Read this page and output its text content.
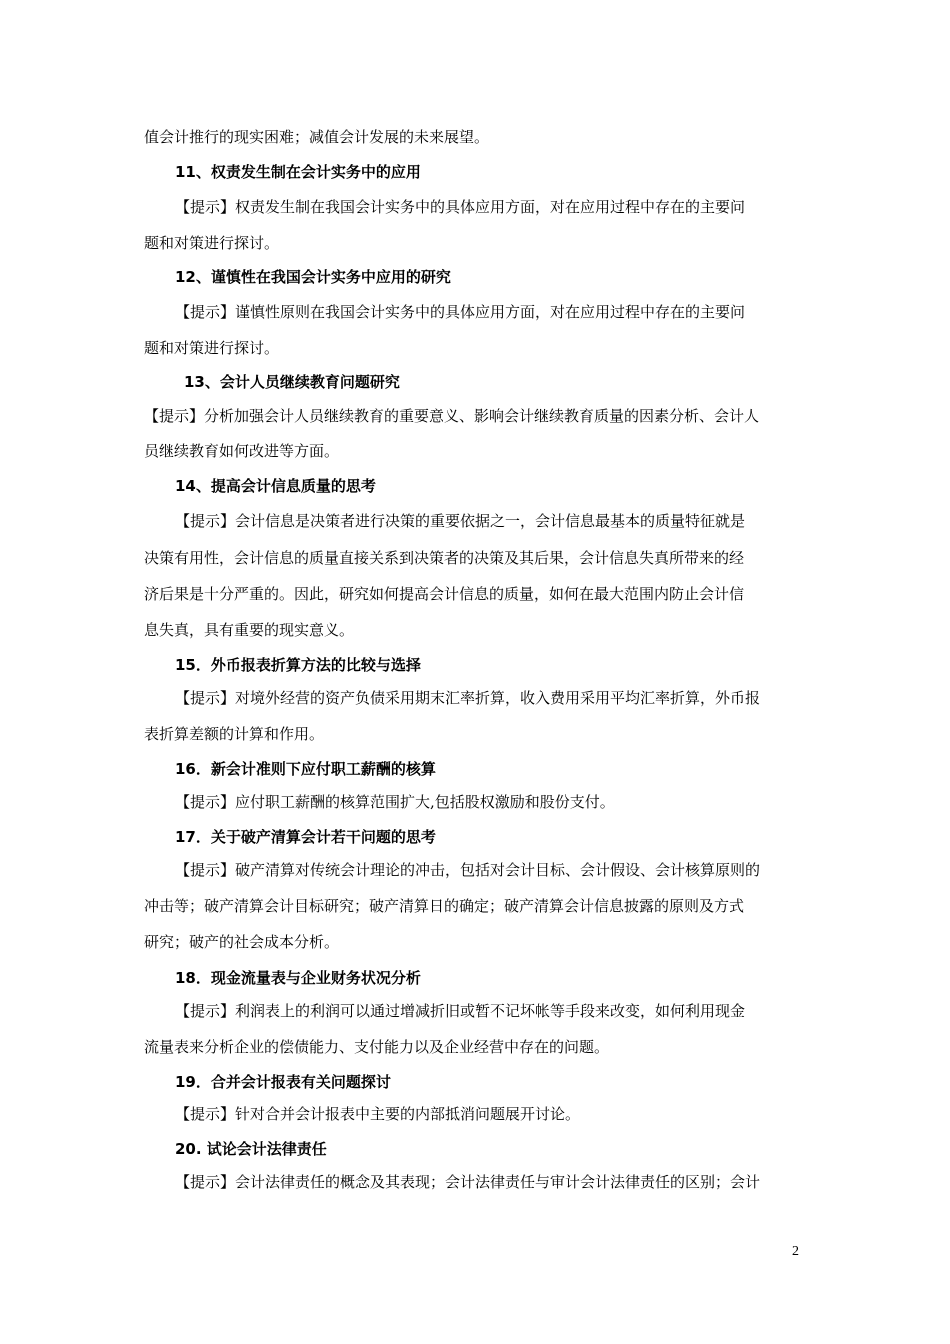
值会计推行的现实困难；减值会计发展的未来展望。
11、权责发生制在会计实务中的应用
【提示】权责发生制在我国会计实务中的具体应用方面，对在应用过程中存在的主要问
题和对策进行探讨。
12、谨慎性在我国会计实务中应用的研究
【提示】谨慎性原则在我国会计实务中的具体应用方面，对在应用过程中存在的主要问
题和对策进行探讨。
13、会计人员继续教育问题研究
【提示】分析加强会计人员继续教育的重要意义、影响会计继续教育质量的因素分析、会计人
员继续教育如何改进等方面。
14、提高会计信息质量的思考
【提示】会计信息是决策者进行决策的重要依据之一，会计信息最基本的质量特征就是
决策有用性，会计信息的质量直接关系到决策者的决策及其后果，会计信息失真所带来的经
济后果是十分严重的。因此，研究如何提高会计信息的质量，如何在最大范围内防止会计信
息失真，具有重要的现实意义。
15．外币报表折算方法的比较与选择
【提示】对境外经营的资产负债采用期末汇率折算，收入费用采用平均汇率折算，外币报
表折算差额的计算和作用。
16．新会计准则下应付职工薪酬的核算
【提示】应付职工薪酬的核算范围扩大,包括股权激励和股份支付。
17．关于破产清算会计若干问题的思考
【提示】破产清算对传统会计理论的冲击，包括对会计目标、会计假设、会计核算原则的
冲击等；破产清算会计目标研究；破产清算日的确定；破产清算会计信息披露的原则及方式
研究；破产的社会成本分析。
18．现金流量表与企业财务状况分析
【提示】利润表上的利润可以通过增减折旧或暂不记坏帐等手段来改变，如何利用现金
流量表来分析企业的偿债能力、支付能力以及企业经营中存在的问题。
19．合并会计报表有关问题探讨
【提示】针对合并会计报表中主要的内部抵消问题展开讨论。
20. 试论会计法律责任
【提示】会计法律责任的概念及其表现；会计法律责任与审计会计法律责任的区别；会计
2
